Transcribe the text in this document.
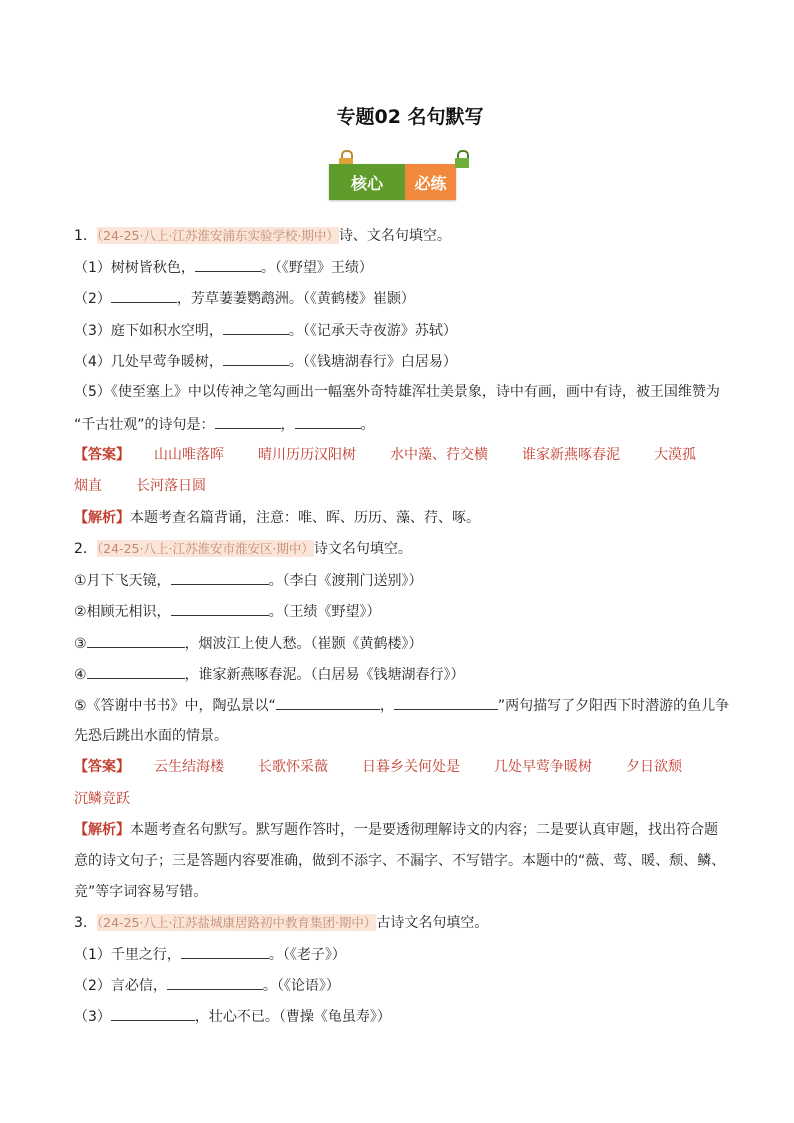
专题02 名句默写
核心	必练
1．（24-25·八上·江苏淮安浦东实验学校·期中）诗、文名句填空。
（1）树树皆秋色，	。（《野望》王绩）
（2）	，芳草萋萋鹦鹉洲。（《黄鹤楼》崔颢）
（3）庭下如积水空明，	。（《记承天寺夜游》苏轼）
（4）几处早莺争暖树，	。（《钱塘湖春行》白居易）
（5）《使至塞上》中以传神之笔勾画出一幅塞外奇特雄浑壮美景象，诗中有画，画中有诗，被王国维赞为
“千古壮观”的诗句是：	，	。
【答案】 山山唯落晖 晴川历历汉阳树 水中藻、荇交横 谁家新燕啄春泥 大漠孤
烟直 长河落日圆
【解析】本题考查名篇背诵，注意：唯、晖、历历、藻、荇、啄。
2．（24-25·八上·江苏淮安市淮安区·期中）诗文名句填空。
①月下飞天镜，	。（李白《渡荆门送别》）
②相顾无相识，	。（王绩《野望》）
③	，烟波江上使人愁。（崔颢《黄鹤楼》）
④	，谁家新燕啄春泥。（白居易《钱塘湖春行》）
⑤《答谢中书书》中，陶弘景以“	，	”两句描写了夕阳西下时潜游的鱼儿争
先恐后跳出水面的情景。
【答案】 云生结海楼 长歌怀采薇 日暮乡关何处是 几处早莺争暖树 夕日欲颓
沉鳞竞跃
【解析】本题考查名句默写。默写题作答时，一是要透彻理解诗文的内容；二是要认真审题，找出符合题
意的诗文句子；三是答题内容要准确，做到不添字、不漏字、不写错字。本题中的“薇、莺、暖、颓、鳞、
竞”等字词容易写错。
3．（24-25·八上·江苏盐城康居路初中教育集团·期中）古诗文名句填空。
（1）千里之行，	。（《老子》）
（2）言必信，	。（《论语》）
（3）	，壮心不已。（曹操《龟虽寿》）
